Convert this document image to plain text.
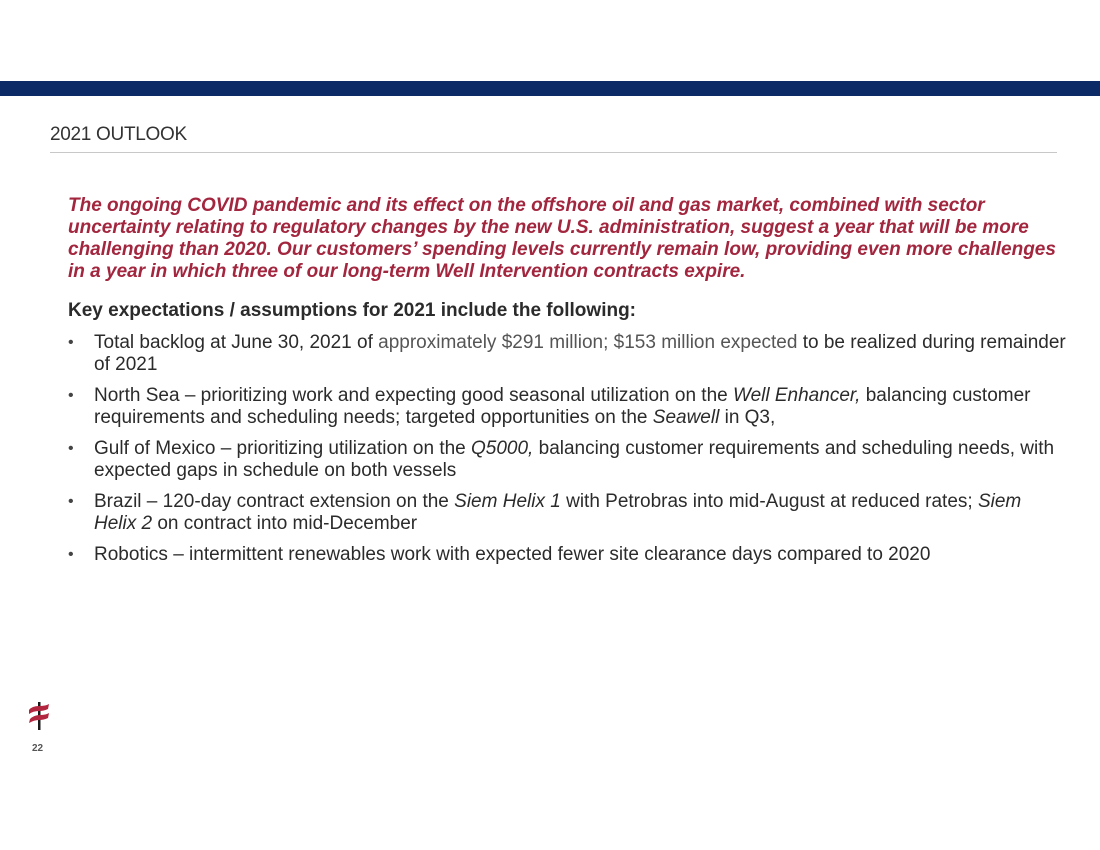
2021 OUTLOOK

The ongoing COVID pandemic and its effect on the offshore oil and gas market, combined with sector uncertainty relating to regulatory changes by the new U.S. administration, suggest a year that will be more challenging than 2020. Our customers’ spending levels currently remain low, providing even more challenges in a year in which three of our long-term Well Intervention contracts expire.

Key expectations / assumptions for 2021 include the following:

• Total backlog at June 30, 2021 of approximately $291 million; $153 million expected to be realized during remainder of 2021
• North Sea – prioritizing work and expecting good seasonal utilization on the Well Enhancer, balancing customer requirements and scheduling needs; targeted opportunities on the Seawell in Q3,
• Gulf of Mexico – prioritizing utilization on the Q5000, balancing customer requirements and scheduling needs, with expected gaps in schedule on both vessels
• Brazil – 120-day contract extension on the Siem Helix 1 with Petrobras into mid-August at reduced rates; Siem Helix 2 on contract into mid-December
• Robotics – intermittent renewables work with expected fewer site clearance days compared to 2020
22
